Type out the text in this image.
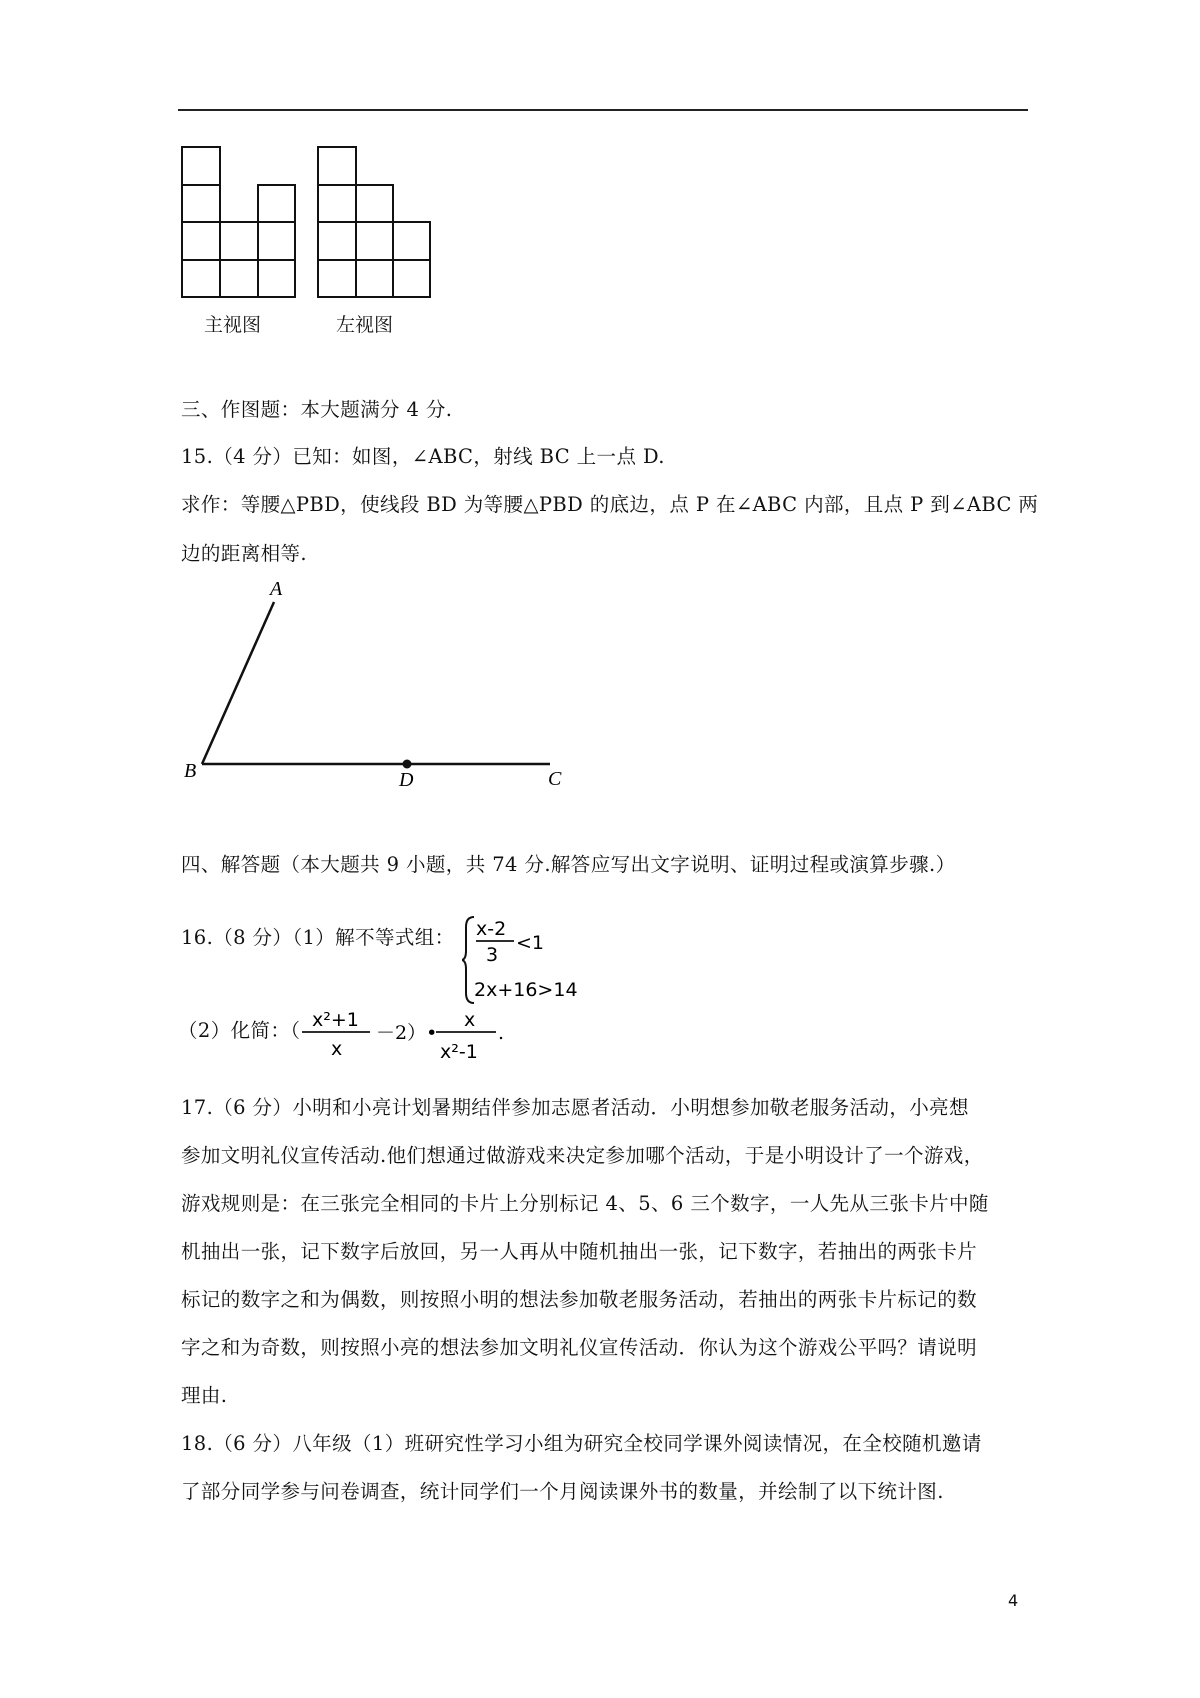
主视图	左视图
三、作图题：本大题满分 4 分.
15.（4 分）已知：如图，∠ABC，射线 BC 上一点 D.
求作：等腰△PBD，使线段 BD 为等腰△PBD 的底边，点 P 在∠ABC 内部，且点 P 到∠ABC 两
边的距离相等.
A
B	D	C
四、解答题（本大题共 9 小题，共 74 分.解答应写出文字说明、证明过程或演算步骤.）
16.（8 分）（1）解不等式组： x-2
3
<1
2x+16>14
（2）化简：（ x²+1
x
－2）•
x
x²-1
.
17.（6 分）小明和小亮计划暑期结伴参加志愿者活动．小明想参加敬老服务活动，小亮想
参加文明礼仪宣传活动.他们想通过做游戏来决定参加哪个活动，于是小明设计了一个游戏，
游戏规则是：在三张完全相同的卡片上分别标记 4、5、6 三个数字，一人先从三张卡片中随
机抽出一张，记下数字后放回，另一人再从中随机抽出一张，记下数字，若抽出的两张卡片
标记的数字之和为偶数，则按照小明的想法参加敬老服务活动，若抽出的两张卡片标记的数
字之和为奇数，则按照小亮的想法参加文明礼仪宣传活动．你认为这个游戏公平吗？请说明
理由.
18.（6 分）八年级（1）班研究性学习小组为研究全校同学课外阅读情况，在全校随机邀请
了部分同学参与问卷调查，统计同学们一个月阅读课外书的数量，并绘制了以下统计图.
4
